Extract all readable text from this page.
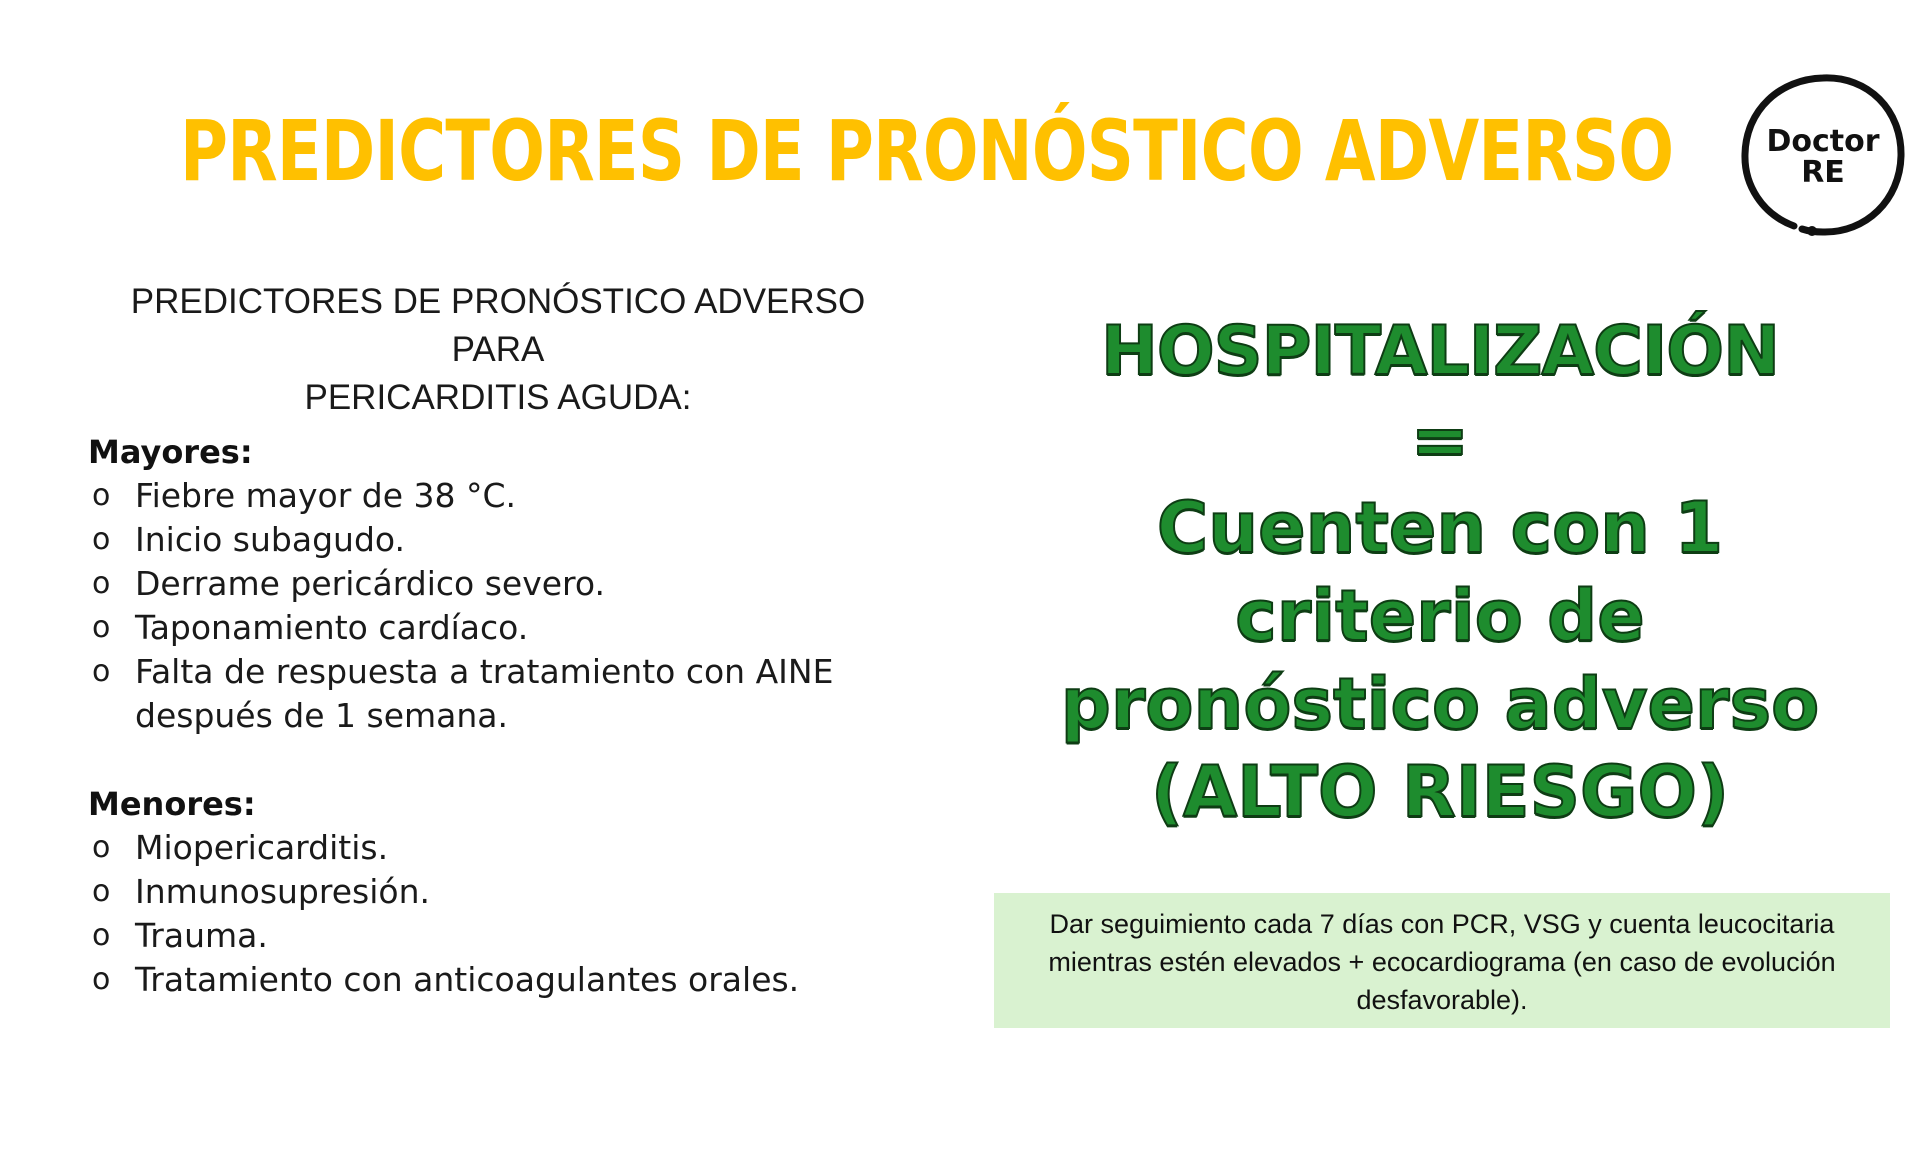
PREDICTORES DE PRONÓSTICO ADVERSO	Doctor
RE
PREDICTORES DE PRONÓSTICO ADVERSO PARA
PERICARDITIS AGUDA:
Mayores:
o Fiebre mayor de 38 °C.
o Inicio subagudo.
o Derrame pericárdico severo.
o Taponamiento cardíaco.
o Falta de respuesta a tratamiento con AINE
después de 1 semana.
Menores:
o Miopericarditis.
o Inmunosupresión.
o Trauma.
o Tratamiento con anticoagulantes orales.
HOSPITALIZACIÓN
=
Cuenten con 1
criterio de
pronóstico adverso
(ALTO RIESGO)
Dar seguimiento cada 7 días con PCR, VSG y cuenta leucocitaria mientras estén elevados + ecocardiograma (en caso de evolución desfavorable).
